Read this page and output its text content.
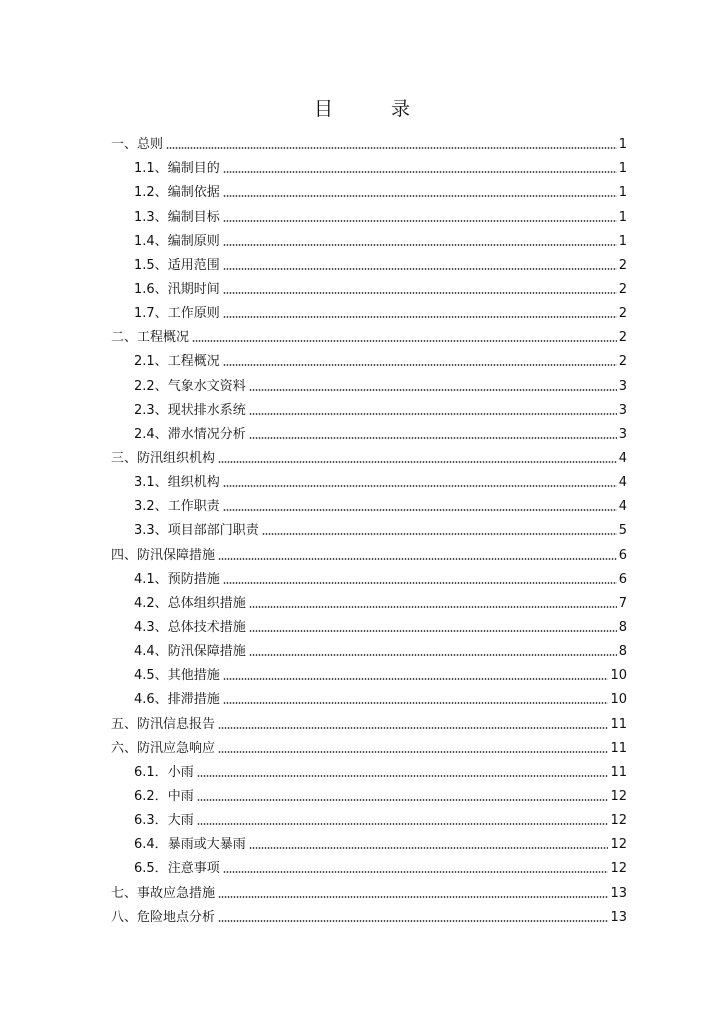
目 录
一、总则	1
1.1、 编制目的	1
1.2、 编制依据	1
1.3、 编制目标	1
1.4、 编制原则	1
1.5、 适用范围	2
1.6、 汛期时间	2
1.7、 工作原则	2
二、工程概况	2
2.1、 工程概况	2
2.2、 气象水文资料	3
2.3、 现状排水系统	3
2.4、 滞水情况分析	3
三、防汛组织机构	4
3.1、 组织机构	4
3.2、 工作职责	4
3.3、 项目部部门职责	5
四、防汛保障措施	6
4.1、 预防措施	6
4.2、 总体组织措施	7
4.3、 总体技术措施	8
4.4、 防汛保障措施	8
4.5、 其他措施	10
4.6、 排滞措施	10
五、防汛信息报告	11
六、防汛应急响应	11
6.1． 小雨	11
6.2． 中雨	12
6.3． 大雨	12
6.4． 暴雨或大暴雨	12
6.5． 注意事项	12
七、事故应急措施	13
八、危险地点分析	13
